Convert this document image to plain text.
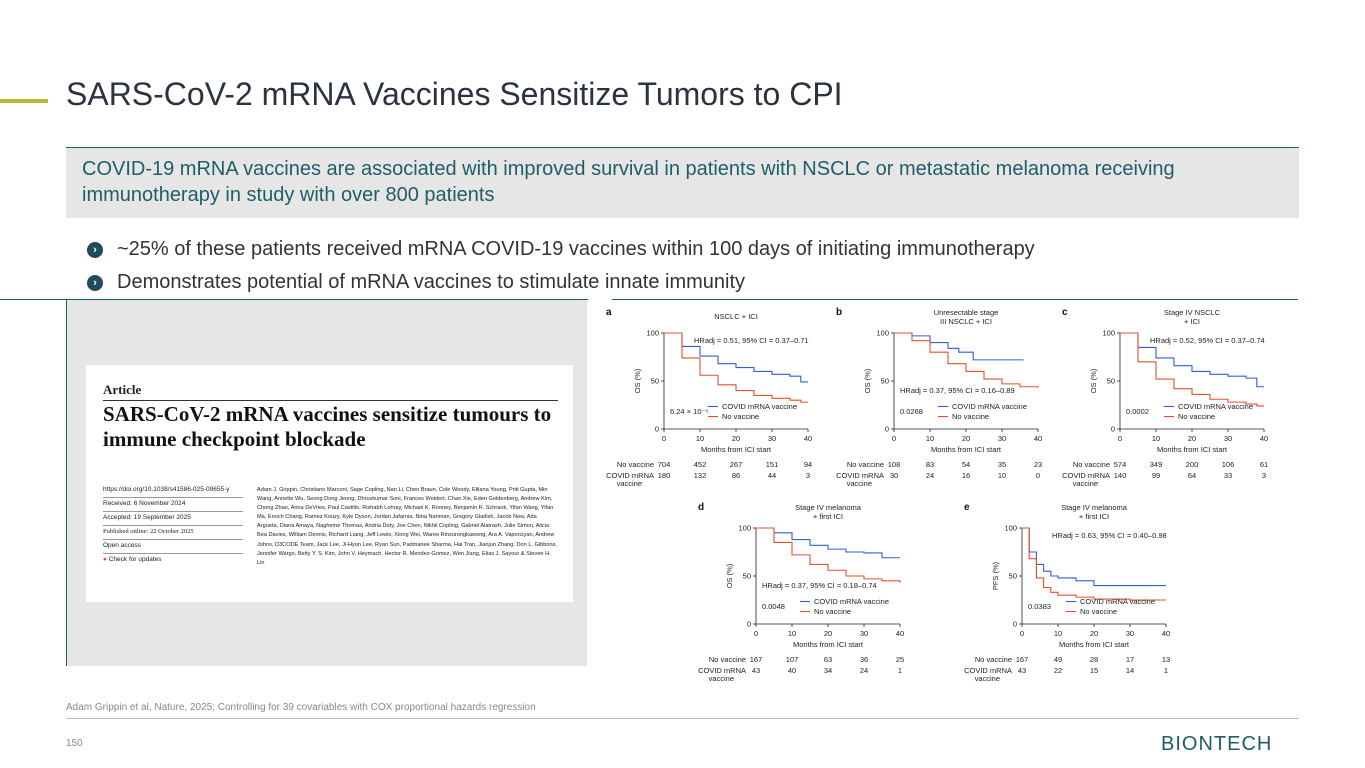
SARS-CoV-2 mRNA Vaccines Sensitize Tumors to CPI
COVID-19 mRNA vaccines are associated with improved survival in patients with NSCLC or metastatic melanoma receiving immunotherapy in study with over 800 patients
›	~25% of these patients received mRNA COVID-19 vaccines within 100 days of initiating immunotherapy
›	Demonstrates potential of mRNA vaccines to stimulate innate immunity
Article
SARS-CoV-2 mRNA vaccines sensitize tumours to immune checkpoint blockade
https://doi.org/10.1038/s41586-025-09655-y
Received: 6 November 2024
Accepted: 19 September 2025
Published online: 22 October 2025
Open access
● Check for updates
Adam J. Grippin, Christiano Marconi, Sage Copling, Nan Li, Chen Braun, Cole Woody, Elliana Young, Priti Gupta, Min Wang, Annette Wu, Seong Dong Jeong, Dhruvkumar Soni, Frances Weidert, Chao Xie, Eden Goldenberg, Andrew Kim, Chong Zhao, Anna DeVries, Paul Castillo, Rishabh Lohray, Michael K. Rooney, Benjamin R. Schrank, Yifan Wang, Yifan Ma, Enoch Chang, Ramez Kouzy, Kyle Dyson, Jordan Jafarnia, Nina Nariman, Gregory Gladish, Jacob New, Ada Argueta, Diana Amaya, Nagheme Thomas, Andria Doty, Joe Chen, Nikhil Copling, Gabriel Alatrash, Julie Simon, Alicia Bea Davies, William Dennis, Richard Liang, Jeff Lewis, Xiong Wei, Waree Rinsurongkawong, Ara A. Vaporciyan, Andrew Johns, D3CODE Team, Jack Lee, Ji-Hyun Lee, Ryan Sun, Padmanee Sharma, Hai Tran, Jianjun Zhang, Don L. Gibbons, Jennifer Wargo, Betty Y. S. Kim, John V. Heymach, Hector R. Mendez-Gomez, Wen Jiang, Elias J. Sayour & Steven H. Lin
a	NSCLC + ICI
0
50
100
0	10	20	30	40
Months from ICI start
OS (%)
HRadj = 0.51, 95% CI = 0.37–0.71
COVID mRNA vaccine
No vaccine
6.24 × 10⁻⁵
No vaccine 704	452	267	151	94
COVID mRNA
vaccine
180	132	86	44	3
b	Unresectable stage
III NSCLC + ICI
0
50
100
0	10	20	30	40
Months from ICI start
OS (%)	HRadj = 0.37, 95% CI = 0.16–0.89
COVID mRNA vaccine
No vaccine
0.0268
No vaccine 108	83	54	35	23
COVID mRNA
vaccine
30	24	16	10	0
c	Stage IV NSCLC
+ ICI
0
50
100
0	10	20	30	40
Months from ICI start
OS (%)
HRadj = 0.52, 95% CI = 0.37–0.74
COVID mRNA vaccine
No vaccine
0.0002
No vaccine 574	349	200	106	61
COVID mRNA
vaccine
140	99	64	33	3
d	Stage IV melanoma
+ first ICI
0
50
100
0	10	20	30	40
Months from ICI start
OS (%)	HRadj = 0.37, 95% CI = 0.18–0.74
COVID mRNA vaccine
No vaccine
0.0048
No vaccine 167	107	63	36	25
COVID mRNA
vaccine
43	40	34	24	1
e	Stage IV melanoma
+ first ICI
0
50
100
0	10	20	30	40
Months from ICI start
PFS (%)
HRadj = 0.63, 95% CI = 0.40–0.98
COVID mRNA vaccine
No vaccine
0.0383
No vaccine 167	49	28	17	13
COVID mRNA
vaccine
43	22	15	14	1
Adam Grippin et al, Nature, 2025; Controlling for 39 covariables with COX proportional hazards regression
150	BIONTECH
